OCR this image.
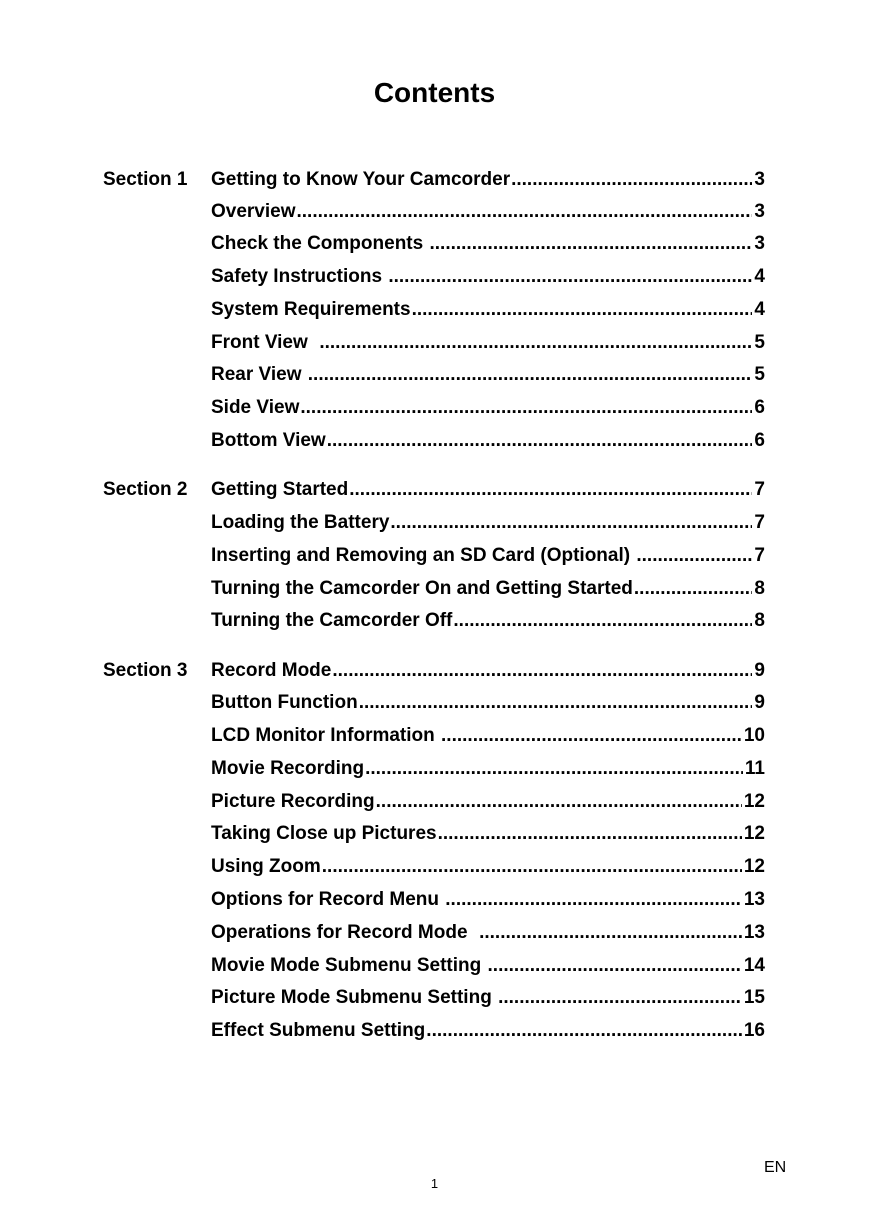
Contents
Section 1 Getting to Know Your Camcorder .....	3
Overview .....	3
Check the Components .....	3
Safety Instructions .....	4
System Requirements .....	4
Front View .....	5
Rear View .....	5
Side View .....	6
Bottom View .....	6
Section 2 Getting Started .....	7
Loading the Battery .....	7
Inserting and Removing an SD Card (Optional) .....	7
Turning the Camcorder On and Getting Started .....	8
Turning the Camcorder Off .....	8
Section 3 Record Mode .....	9
Button Function .....	9
LCD Monitor Information .....	10
Movie Recording .....	11
Picture Recording .....	12
Taking Close up Pictures .....	12
Using Zoom .....	12
Options for Record Menu .....	13
Operations for Record Mode .....	13
Movie Mode Submenu Setting .....	14
Picture Mode Submenu Setting .....	15
Effect Submenu Setting .....	16
EN
1
